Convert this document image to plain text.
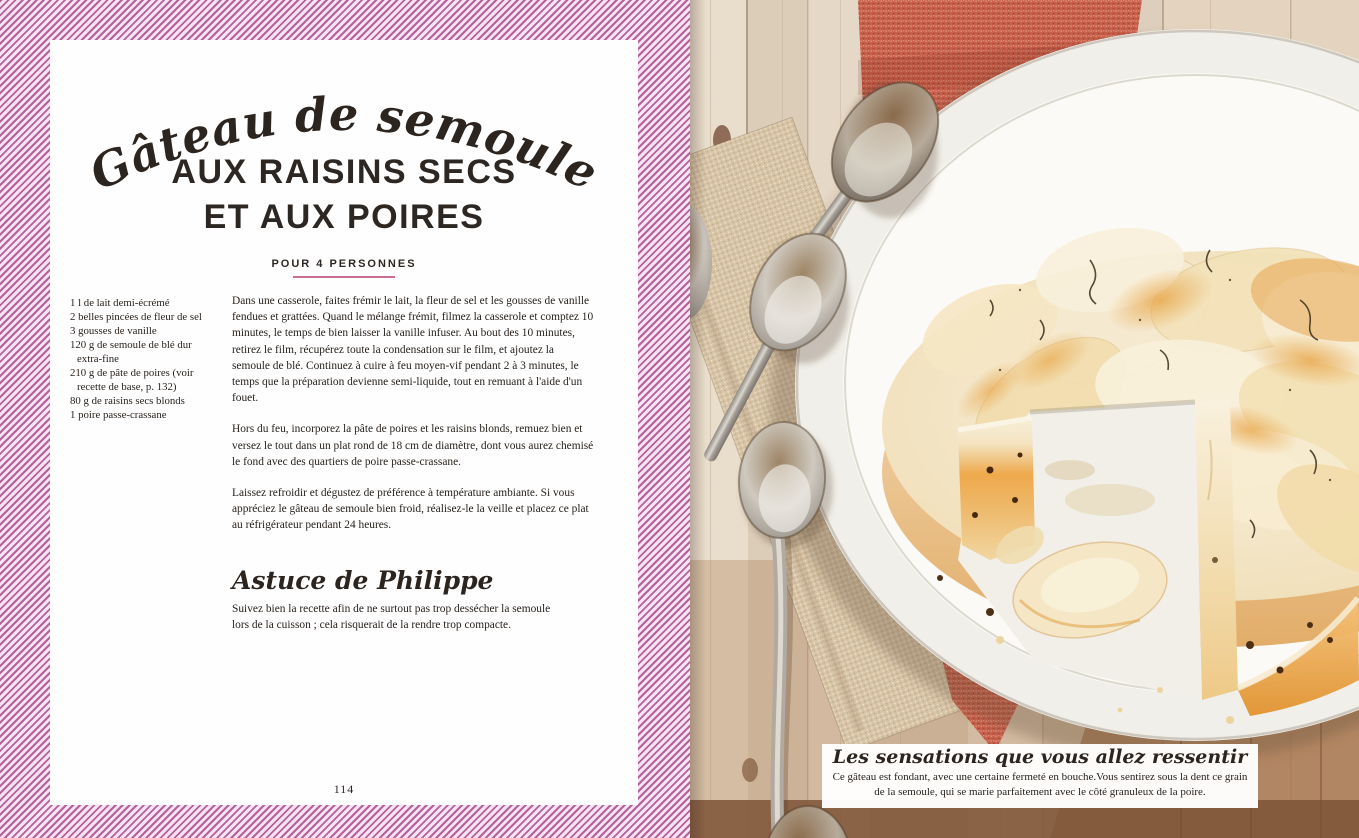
Gâteau de semoule
AUX RAISINS SECS
ET AUX POIRES
POUR 4 PERSONNES
1 l de lait demi-écrémé
2 belles pincées de fleur de sel
3 gousses de vanille
120 g de semoule de blé dur extra-fine
210 g de pâte de poires (voir recette de base, p. 132)
80 g de raisins secs blonds
1 poire passe-crassane

Dans une casserole, faites frémir le lait, la fleur de sel et les gousses de vanille fendues et grattées. Quand le mélange frémit, filmez la casserole et comptez 10 minutes, le temps de bien laisser la vanille infuser. Au bout des 10 minutes, retirez le film, récupérez toute la condensation sur le film, et ajoutez la semoule de blé. Continuez à cuire à feu moyen-vif pendant 2 à 3 minutes, le temps que la préparation devienne semi-liquide, tout en remuant à l'aide d'un fouet.

Hors du feu, incorporez la pâte de poires et les raisins blonds, remuez bien et versez le tout dans un plat rond de 18 cm de diamètre, dont vous aurez chemisé le fond avec des quartiers de poire passe-crassane.

Laissez refroidir et dégustez de préférence à température ambiante. Si vous appréciez le gâteau de semoule bien froid, réalisez-le la veille et placez ce plat au réfrigérateur pendant 24 heures.

Astuce de Philippe

Suivez bien la recette afin de ne surtout pas trop dessécher la semoule lors de la cuisson ; cela risquerait de la rendre trop compacte.

114
Les sensations que vous allez ressentir
Ce gâteau est fondant, avec une certaine fermeté en bouche.Vous sentirez sous la dent ce grain de la semoule, qui se marie parfaitement avec le côté granuleux de la poire.
